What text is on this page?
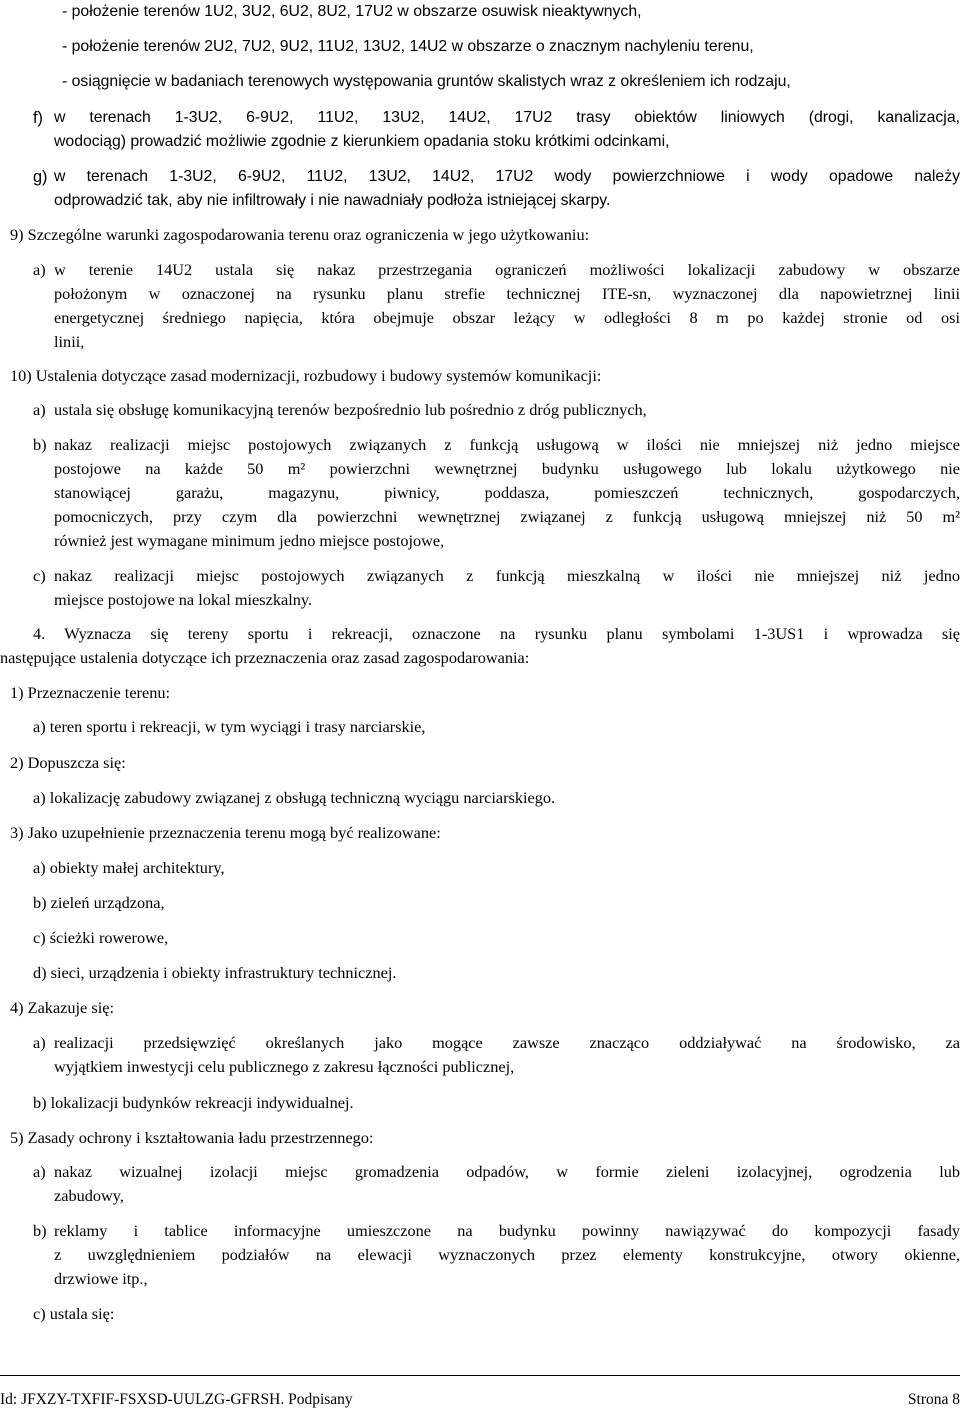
- położenie terenów 1U2, 3U2, 6U2, 8U2, 17U2 w obszarze osuwisk nieaktywnych,
- położenie terenów 2U2, 7U2, 9U2, 11U2, 13U2, 14U2 w obszarze o znacznym nachyleniu terenu,
- osiągnięcie w badaniach terenowych występowania gruntów skalistych wraz z określeniem ich rodzaju,
f) w terenach 1-3U2, 6-9U2, 11U2, 13U2, 14U2, 17U2 trasy obiektów liniowych (drogi, kanalizacja,
wodociąg) prowadzić możliwie zgodnie z kierunkiem opadania stoku krótkimi odcinkami,
g) w terenach 1-3U2, 6-9U2, 11U2, 13U2, 14U2, 17U2 wody powierzchniowe i wody opadowe należy
odprowadzić tak, aby nie infiltrowały i nie nawadniały podłoża istniejącej skarpy.
9) Szczególne warunki zagospodarowania terenu oraz ograniczenia w jego użytkowaniu:
a) w terenie 14U2 ustala się nakaz przestrzegania ograniczeń możliwości lokalizacji zabudowy w obszarze
położonym w oznaczonej na rysunku planu strefie technicznej ITE-sn, wyznaczonej dla napowietrznej linii
energetycznej średniego napięcia, która obejmuje obszar leżący w odległości 8 m po każdej stronie od osi
linii,
10) Ustalenia dotyczące zasad modernizacji, rozbudowy i budowy systemów komunikacji:
a) ustala się obsługę komunikacyjną terenów bezpośrednio lub pośrednio z dróg publicznych,
b) nakaz realizacji miejsc postojowych związanych z funkcją usługową w ilości nie mniejszej niż jedno miejsce
postojowe na każde 50 m² powierzchni wewnętrznej budynku usługowego lub lokalu użytkowego nie
stanowiącej garażu, magazynu, piwnicy, poddasza, pomieszczeń technicznych, gospodarczych,
pomocniczych, przy czym dla powierzchni wewnętrznej związanej z funkcją usługową mniejszej niż 50 m²
również jest wymagane minimum jedno miejsce postojowe,
c) nakaz realizacji miejsc postojowych związanych z funkcją mieszkalną w ilości nie mniejszej niż jedno
miejsce postojowe na lokal mieszkalny.
4. Wyznacza się tereny sportu i rekreacji, oznaczone na rysunku planu symbolami 1-3US1 i wprowadza się
następujące ustalenia dotyczące ich przeznaczenia oraz zasad zagospodarowania:
1) Przeznaczenie terenu:
a) teren sportu i rekreacji, w tym wyciągi i trasy narciarskie,
2) Dopuszcza się:
a) lokalizację zabudowy związanej z obsługą techniczną wyciągu narciarskiego.
3) Jako uzupełnienie przeznaczenia terenu mogą być realizowane:
a) obiekty małej architektury,
b) zieleń urządzona,
c) ścieżki rowerowe,
d) sieci, urządzenia i obiekty infrastruktury technicznej.
4) Zakazuje się:
a) realizacji przedsięwzięć określanych jako mogące zawsze znacząco oddziaływać na środowisko, za
wyjątkiem inwestycji celu publicznego z zakresu łączności publicznej,
b) lokalizacji budynków rekreacji indywidualnej.
5) Zasady ochrony i kształtowania ładu przestrzennego:
a) nakaz wizualnej izolacji miejsc gromadzenia odpadów, w formie zieleni izolacyjnej, ogrodzenia lub
zabudowy,
b) reklamy i tablice informacyjne umieszczone na budynku powinny nawiązywać do kompozycji fasady
z uwzględnieniem podziałów na elewacji wyznaczonych przez elementy konstrukcyjne, otwory okienne,
drzwiowe itp.,
c) ustala się:
Id: JFXZY-TXFIF-FSXSD-UULZG-GFRSH. Podpisany	Strona 8
